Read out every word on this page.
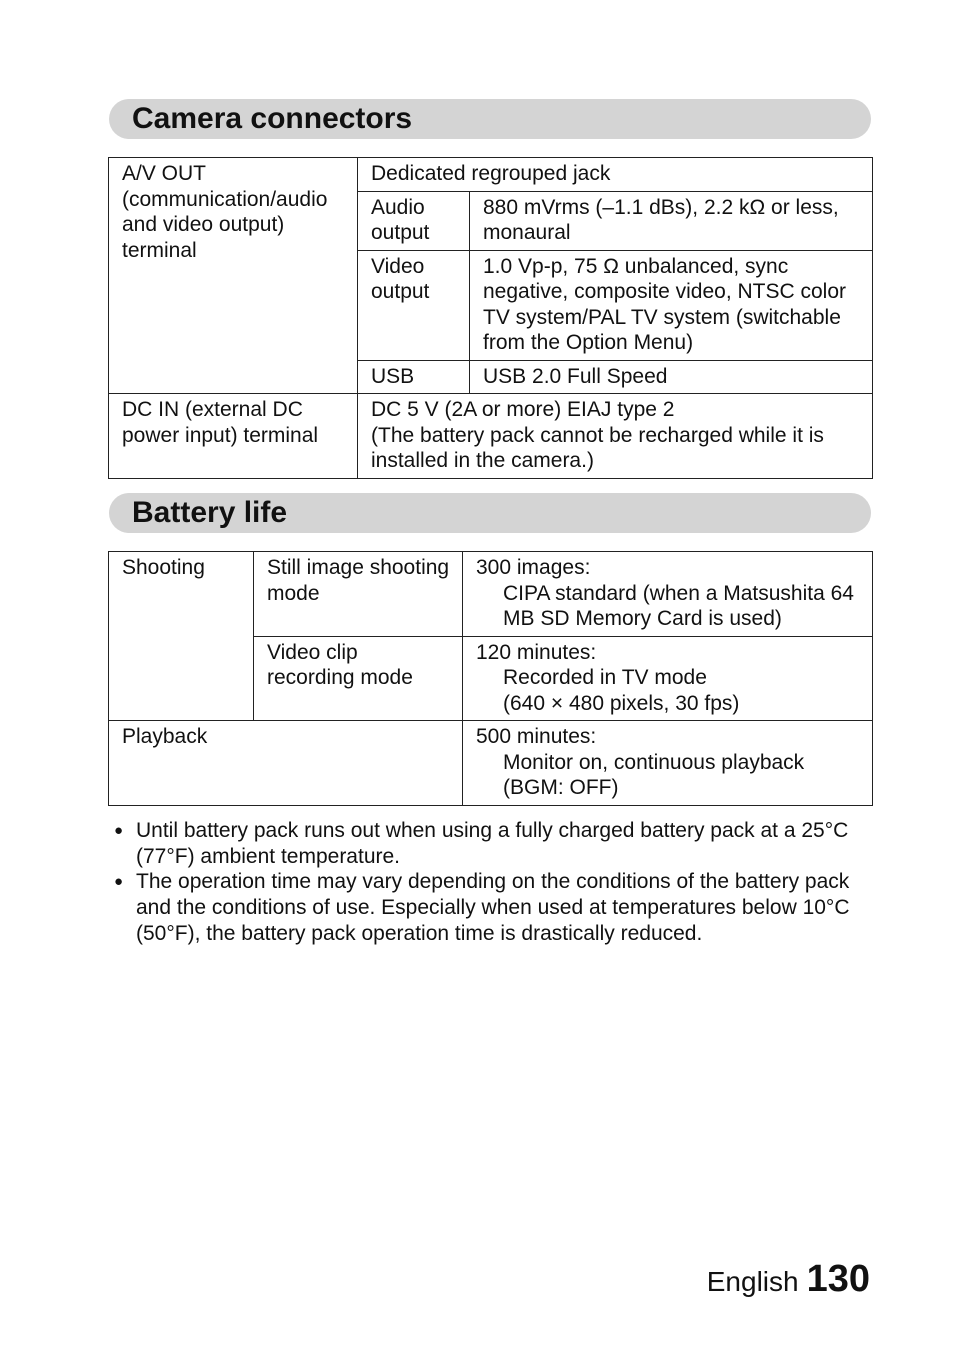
Camera connectors
A/V OUT (communication/audio and video output) terminal	Dedicated regrouped jack	
	Audio output	880 mVrms (–1.1 dBs), 2.2 kΩ or less, monaural
	Video output	1.0 Vp-p, 75 Ω unbalanced, sync negative, composite video, NTSC color TV system/PAL TV system (switchable from the Option Menu)
	USB	USB 2.0 Full Speed
DC IN (external DC power input) terminal	DC 5 V (2A or more) EIAJ type 2
(The battery pack cannot be recharged while it is installed in the camera.)	
Battery life
Shooting	Still image shooting mode	300 images:
CIPA standard (when a Matsushita 64 MB SD Memory Card is used)

	Video clip recording mode	120 minutes:
Recorded in TV mode
(640 × 480 pixels, 30 fps)

Playback		500 minutes:
Monitor on, continuous playback
(BGM: OFF)
● Until battery pack runs out when using a fully charged battery pack at a 25°C (77°F) ambient temperature.
● The operation time may vary depending on the conditions of the battery pack and the conditions of use. Especially when used at temperatures below 10°C (50°F), the battery pack operation time is drastically reduced.
English 130
